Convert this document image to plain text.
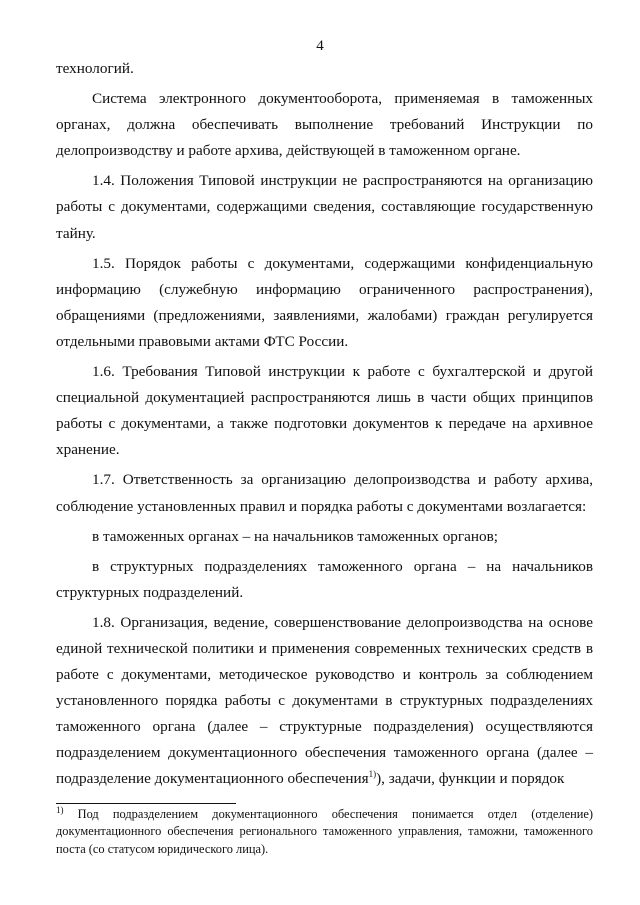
4

технологий.

Система электронного документооборота, применяемая в таможенных органах, должна обеспечивать выполнение требований Инструкции по делопроизводству и работе архива, действующей в таможенном органе.

1.4. Положения Типовой инструкции не распространяются на организацию работы с документами, содержащими сведения, составляющие государственную тайну.

1.5. Порядок работы с документами, содержащими конфиденциальную информацию (служебную информацию ограниченного распространения), обращениями (предложениями, заявлениями, жалобами) граждан регулируется отдельными правовыми актами ФТС России.

1.6. Требования Типовой инструкции к работе с бухгалтерской и другой специальной документацией распространяются лишь в части общих принципов работы с документами, а также подготовки документов к передаче на архивное хранение.

1.7. Ответственность за организацию делопроизводства и работу архива, соблюдение установленных правил и порядка работы с документами возлагается:

в таможенных органах – на начальников таможенных органов;

в структурных подразделениях таможенного органа – на начальников структурных подразделений.

1.8. Организация, ведение, совершенствование делопроизводства на основе единой технической политики и применения современных технических средств в работе с документами, методическое руководство и контроль за соблюдением установленного порядка работы с документами в структурных подразделениях таможенного органа (далее – структурные подразделения) осуществляются подразделением документационного обеспечения таможенного органа (далее – подразделение документационного обеспечения$^{1)}$), задачи, функции и порядок

$^{1)}$ Под подразделением документационного обеспечения понимается отдел (отделение) документационного обеспечения регионального таможенного управления, таможни, таможенного поста (со статусом юридического лица).
